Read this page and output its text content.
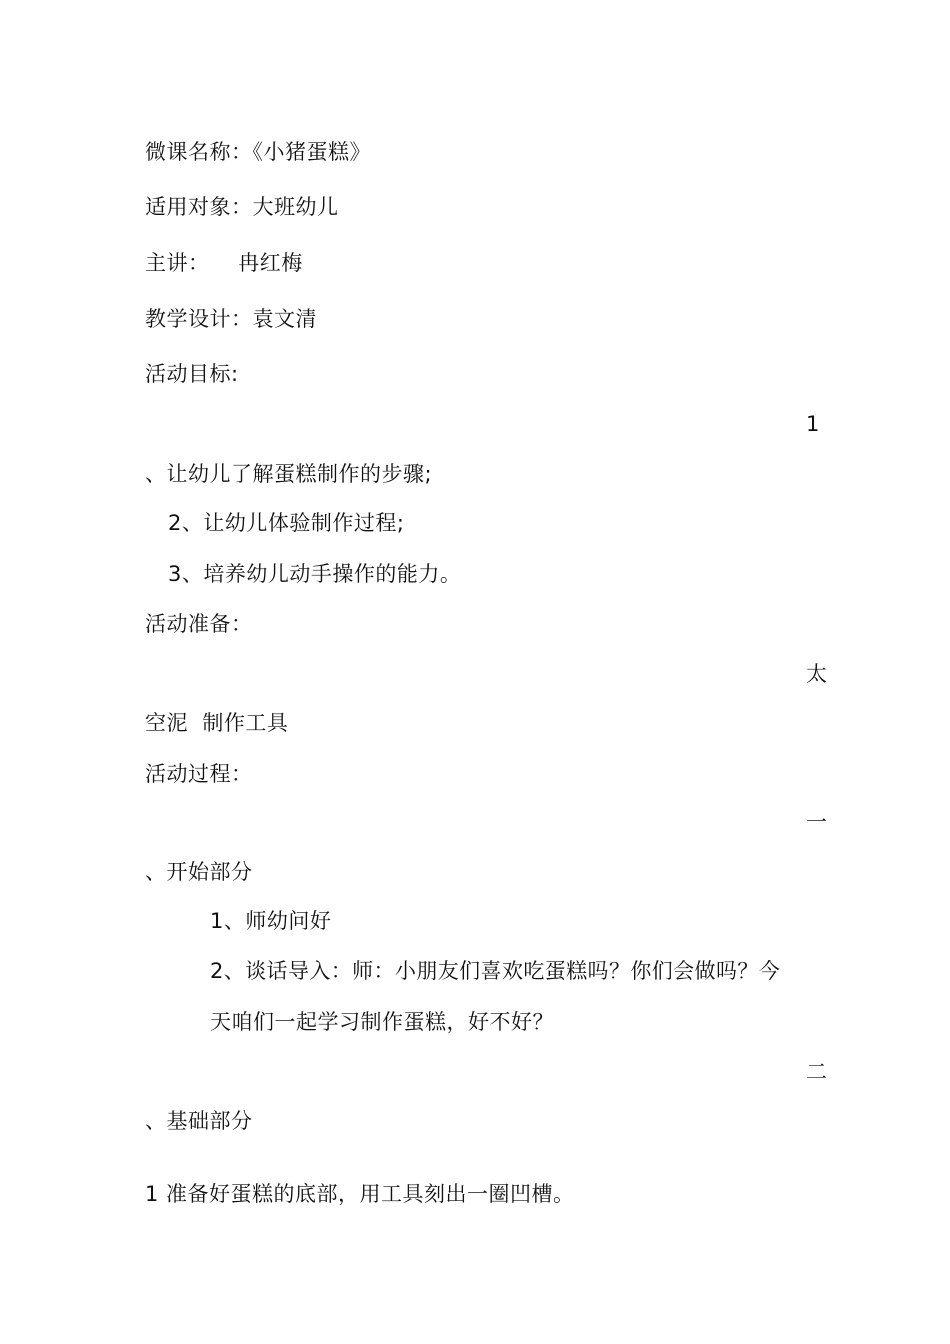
微课名称：《小猪蛋糕》
适用对象：大班幼儿
主讲：    冉红梅
教学设计：袁文清
活动目标:
1
、让幼儿了解蛋糕制作的步骤;
2、让幼儿体验制作过程;
3、培养幼儿动手操作的能力。
活动准备：
太
空泥  制作工具
活动过程：
一
、开始部分
1、师幼问好
2、谈话导入：师：小朋友们喜欢吃蛋糕吗？你们会做吗？今
天咱们一起学习制作蛋糕，好不好？
二
、基础部分
1 准备好蛋糕的底部，用工具刻出一圈凹槽。
